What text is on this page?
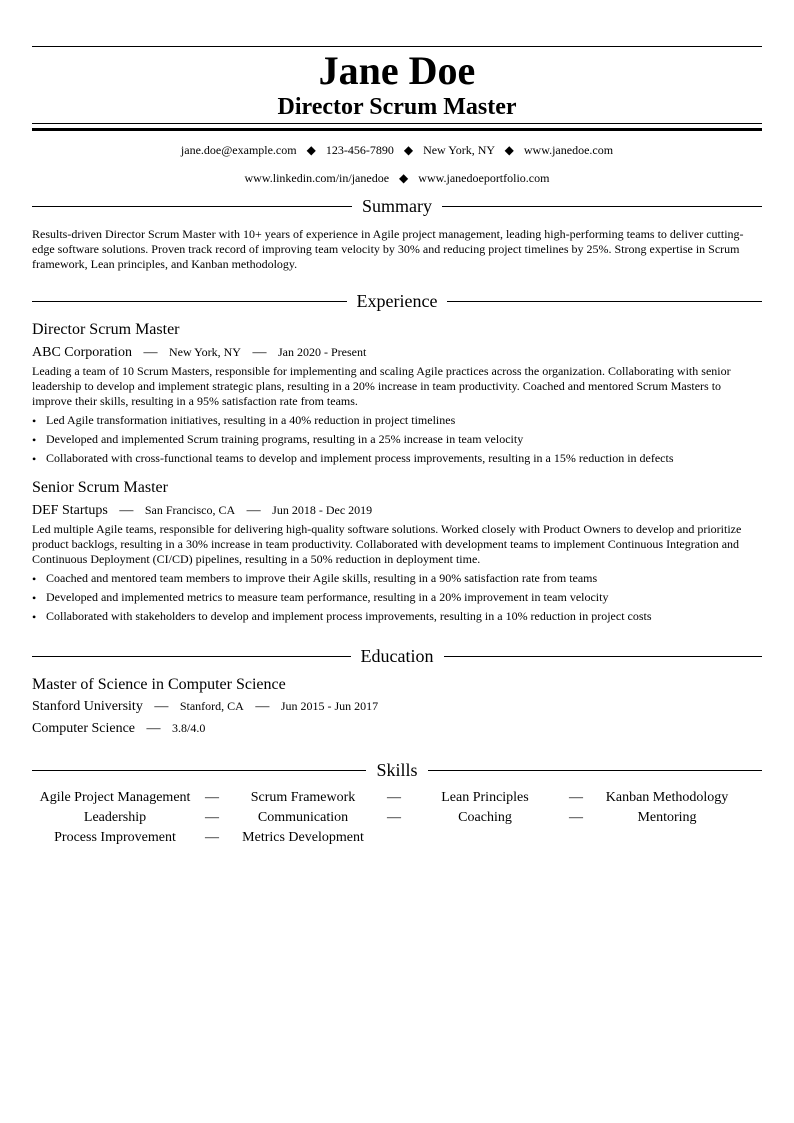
Jane Doe
Director Scrum Master
jane.doe@example.com ◆ 123-456-7890 ◆ New York, NY ◆ www.janedoe.com
www.linkedin.com/in/janedoe ◆ www.janedoeportfolio.com
Summary
Results-driven Director Scrum Master with 10+ years of experience in Agile project management, leading high-performing teams to deliver cutting-edge software solutions. Proven track record of improving team velocity by 30% and reducing project timelines by 25%. Strong expertise in Scrum framework, Lean principles, and Kanban methodology.
Experience
Director Scrum Master
ABC Corporation — New York, NY — Jan 2020 - Present
Leading a team of 10 Scrum Masters, responsible for implementing and scaling Agile practices across the organization. Collaborating with senior leadership to develop and implement strategic plans, resulting in a 20% increase in team productivity. Coached and mentored Scrum Masters to improve their skills, resulting in a 95% satisfaction rate from teams.
• Led Agile transformation initiatives, resulting in a 40% reduction in project timelines
• Developed and implemented Scrum training programs, resulting in a 25% increase in team velocity
• Collaborated with cross-functional teams to develop and implement process improvements, resulting in a 15% reduction in defects
Senior Scrum Master
DEF Startups — San Francisco, CA — Jun 2018 - Dec 2019
Led multiple Agile teams, responsible for delivering high-quality software solutions. Worked closely with Product Owners to develop and prioritize product backlogs, resulting in a 30% increase in team productivity. Collaborated with development teams to implement Continuous Integration and Continuous Deployment (CI/CD) pipelines, resulting in a 50% reduction in deployment time.
• Coached and mentored team members to improve their Agile skills, resulting in a 90% satisfaction rate from teams
• Developed and implemented metrics to measure team performance, resulting in a 20% improvement in team velocity
• Collaborated with stakeholders to develop and implement process improvements, resulting in a 10% reduction in project costs
Education
Master of Science in Computer Science
Stanford University — Stanford, CA — Jun 2015 - Jun 2017
Computer Science — 3.8/4.0
Skills
Agile Project Management	—	Scrum Framework	—	Lean Principles	—	Kanban Methodology
Leadership	—	Communication	—	Coaching	—	Mentoring
Process Improvement	—	Metrics Development
